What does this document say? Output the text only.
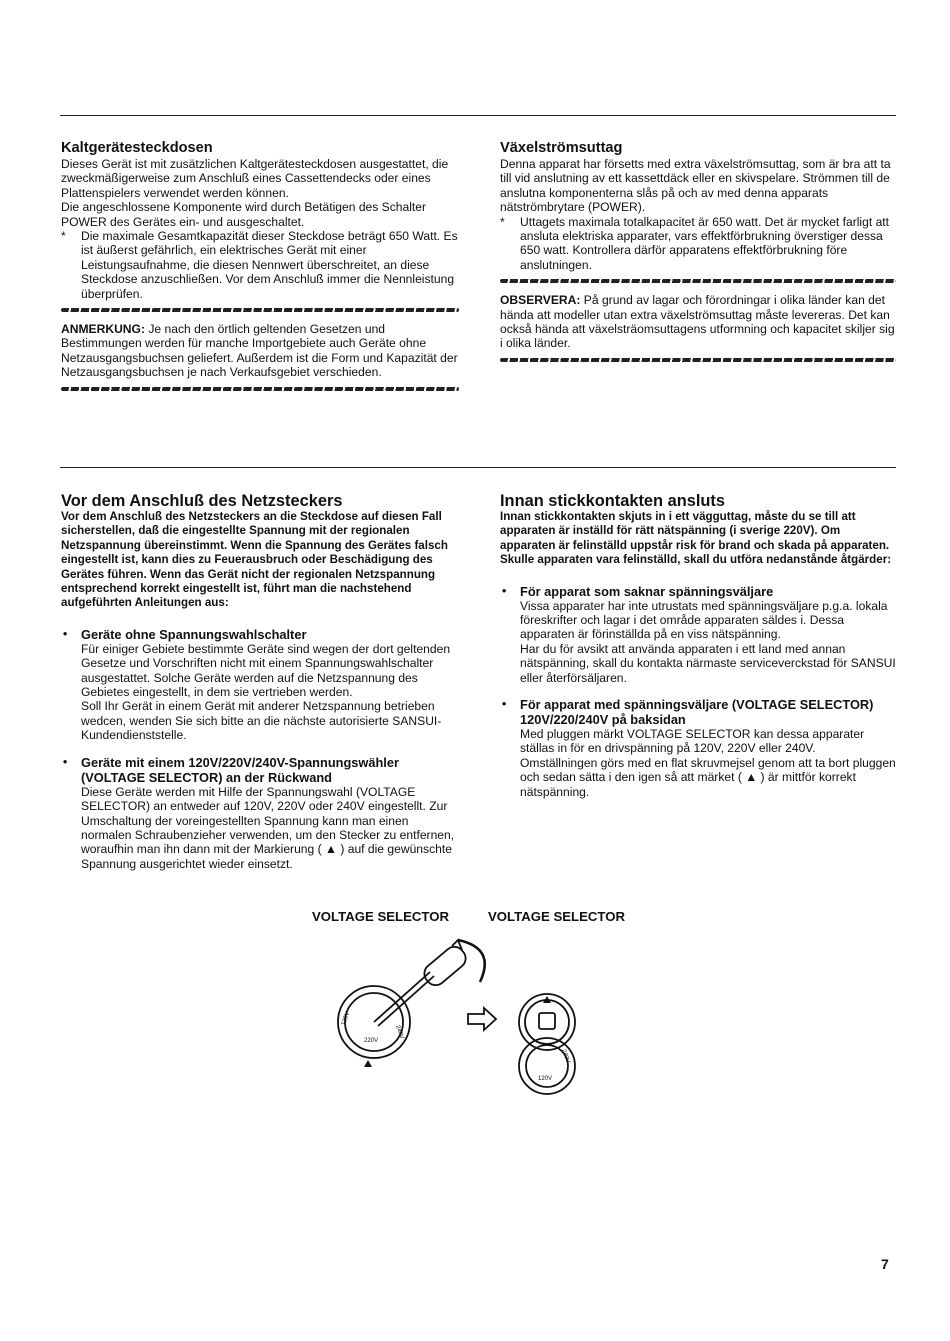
Kaltgerätesteckdosen

Dieses Gerät ist mit zusätzlichen Kaltgerätesteckdosen ausgestattet, die zweckmäßigerweise zum Anschluß eines Cassettendecks oder eines Plattenspielers verwendet werden können.

Die angeschlossene Komponente wird durch Betätigen des Schalter POWER des Gerätes ein- und ausgeschaltet.

* Die maximale Gesamtkapazität dieser Steckdose beträgt 650 Watt. Es ist äußerst gefährlich, ein elektrisches Gerät mit einer Leistungsaufnahme, die diesen Nennwert überschreitet, an diese Steckdose anzuschließen. Vor dem Anschluß immer die Nennleistung überprüfen.

ANMERKUNG: Je nach den örtlich geltenden Gesetzen und Bestimmungen werden für manche Importgebiete auch Geräte ohne Netzausgangsbuchsen geliefert. Außerdem ist die Form und Kapazität der Netzausgangsbuchsen je nach Verkaufsgebiet verschieden.

Växelströmsuttag

Denna apparat har försetts med extra växelströmsuttag, som är bra att ta till vid anslutning av ett kassettdäck eller en skivspelare. Strömmen till de anslutna komponenterna slås på och av med denna apparats nätströmbrytare (POWER).

* Uttagets maximala totalkapacitet är 650 watt. Det är mycket farligt att ansluta elektriska apparater, vars effektförbrukning överstiger dessa 650 watt. Kontrollera därför apparatens effektförbrukning före anslutningen.

OBSERVERA: På grund av lagar och förordningar i olika länder kan det hända att modeller utan extra växelströmsuttag måste levereras. Det kan också hända att växelsträomsuttagens utformning och kapacitet skiljer sig i olika länder.

Vor dem Anschluß des Netzsteckers

Vor dem Anschluß des Netzsteckers an die Steckdose auf diesen Fall sicherstellen, daß die eingestellte Spannung mit der regionalen Netzspannung übereinstimmt. Wenn die Spannung des Gerätes falsch eingestellt ist, kann dies zu Feuerausbruch oder Beschädigung des Gerätes führen. Wenn das Gerät nicht der regionalen Netzspannung entsprechend korrekt eingestellt ist, führt man die nachstehend aufgeführten Anleitungen aus:

• Geräte ohne Spannungswahlschalter

Für einiger Gebiete bestimmte Geräte sind wegen der dort geltenden Gesetze und Vorschriften nicht mit einem Spannungswahlschalter ausgestattet. Solche Geräte werden auf die Netzspannung des Gebietes eingestellt, in dem sie vertrieben werden.

Soll Ihr Gerät in einem Gerät mit anderer Netzspannung betrieben wedcen, wenden Sie sich bitte an die nächste autorisierte SANSUI-Kundendienststelle.

• Geräte mit einem 120V/220V/240V-Spannungswähler (VOLTAGE SELECTOR) an der Rückwand

Diese Geräte werden mit Hilfe der Spannungswahl (VOLTAGE SELECTOR) an entweder auf 120V, 220V oder 240V eingestellt. Zur Umschaltung der voreingestellten Spannung kann man einen normalen Schraubenzieher verwenden, um den Stecker zu entfernen, woraufhin man ihn dann mit der Markierung ( ▲ ) auf die gewünschte Spannung ausgerichtet wieder einsetzt.

Innan stickkontakten ansluts

Innan stickkontakten skjuts in i ett vägguttag, måste du se till att apparaten är inställd för rätt nätspänning (i sverige 220V). Om apparaten är felinställd uppstår risk för brand och skada på apparaten. Skulle apparaten vara felinställd, skall du utföra nedanstånde åtgärder:

• För apparat som saknar spänningsväljare

Vissa apparater har inte utrustats med spänningsväljare p.g.a. lokala föreskrifter och lagar i det område apparaten säldes i. Dessa apparaten är förinställda på en viss nätspänning.

Har du för avsikt att använda apparaten i ett land med annan nätspänning, skall du kontakta närmaste serviceverckstad för SANSUI eller återförsäljaren.

• För apparat med spänningsväljare (VOLTAGE SELECTOR) 120V/220/240V på baksidan

Med pluggen märkt VOLTAGE SELECTOR kan dessa apparater ställas in för en drivspänning på 120V, 220V eller 240V. Omställningen görs med en flat skruvmejsel genom att ta bort pluggen och sedan sätta i den igen så att märket ( ▲ ) är mittför korrekt nätspänning.

VOLTAGE SELECTOR	VOLTAGE SELECTOR
120V
220V
240V
120V
240V
7
